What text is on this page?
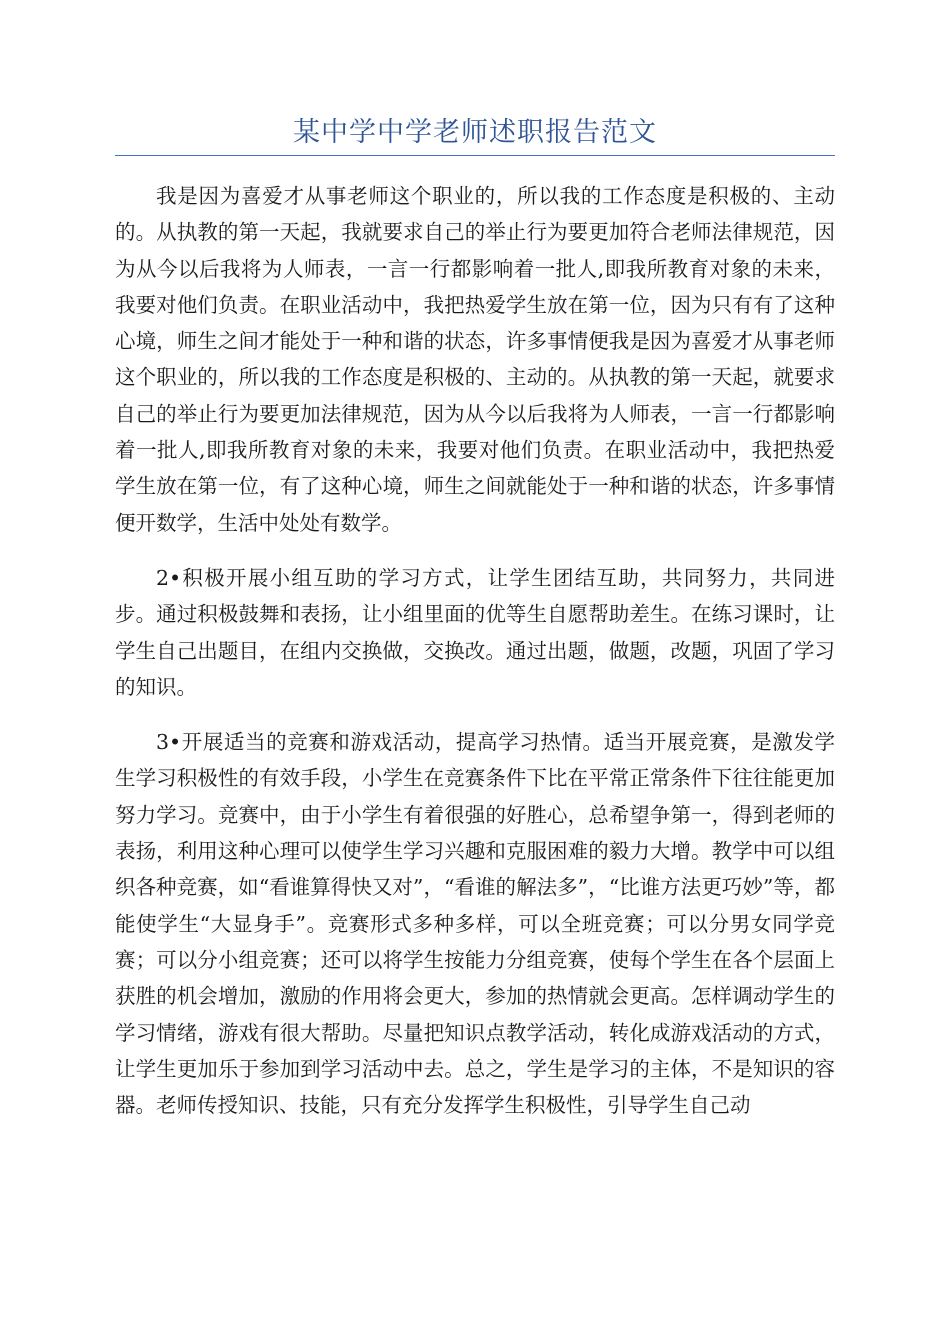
某中学中学老师述职报告范文

我是因为喜爱才从事老师这个职业的，所以我的工作态度是积极的、主动的。从执教的第一天起，我就要求自己的举止行为要更加符合老师法律规范，因为从今以后我将为人师表，一言一行都影响着一批人,即我所教育对象的未来，我要对他们负责。在职业活动中，我把热爱学生放在第一位，因为只有有了这种心境，师生之间才能处于一种和谐的状态，许多事情便我是因为喜爱才从事老师这个职业的，所以我的工作态度是积极的、主动的。从执教的第一天起，就要求自己的举止行为要更加法律规范，因为从今以后我将为人师表，一言一行都影响着一批人,即我所教育对象的未来，我要对他们负责。在职业活动中，我把热爱学生放在第一位，有了这种心境，师生之间就能处于一种和谐的状态，许多事情便开数学，生活中处处有数学。

2•积极开展小组互助的学习方式，让学生团结互助，共同努力，共同进步。通过积极鼓舞和表扬，让小组里面的优等生自愿帮助差生。在练习课时，让学生自己出题目，在组内交换做，交换改。通过出题，做题，改题，巩固了学习的知识。

3•开展适当的竞赛和游戏活动，提高学习热情。适当开展竞赛，是激发学生学习积极性的有效手段，小学生在竞赛条件下比在平常正常条件下往往能更加努力学习。竞赛中，由于小学生有着很强的好胜心，总希望争第一，得到老师的表扬，利用这种心理可以使学生学习兴趣和克服困难的毅力大增。教学中可以组织各种竞赛，如“看谁算得快又对”，“看谁的解法多”，“比谁方法更巧妙”等，都能使学生“大显身手”。竞赛形式多种多样，可以全班竞赛；可以分男女同学竞赛；可以分小组竞赛；还可以将学生按能力分组竞赛，使每个学生在各个层面上获胜的机会增加，激励的作用将会更大，参加的热情就会更高。怎样调动学生的学习情绪，游戏有很大帮助。尽量把知识点教学活动，转化成游戏活动的方式，让学生更加乐于参加到学习活动中去。总之，学生是学习的主体，不是知识的容器。老师传授知识、技能，只有充分发挥学生积极性，引导学生自己动
